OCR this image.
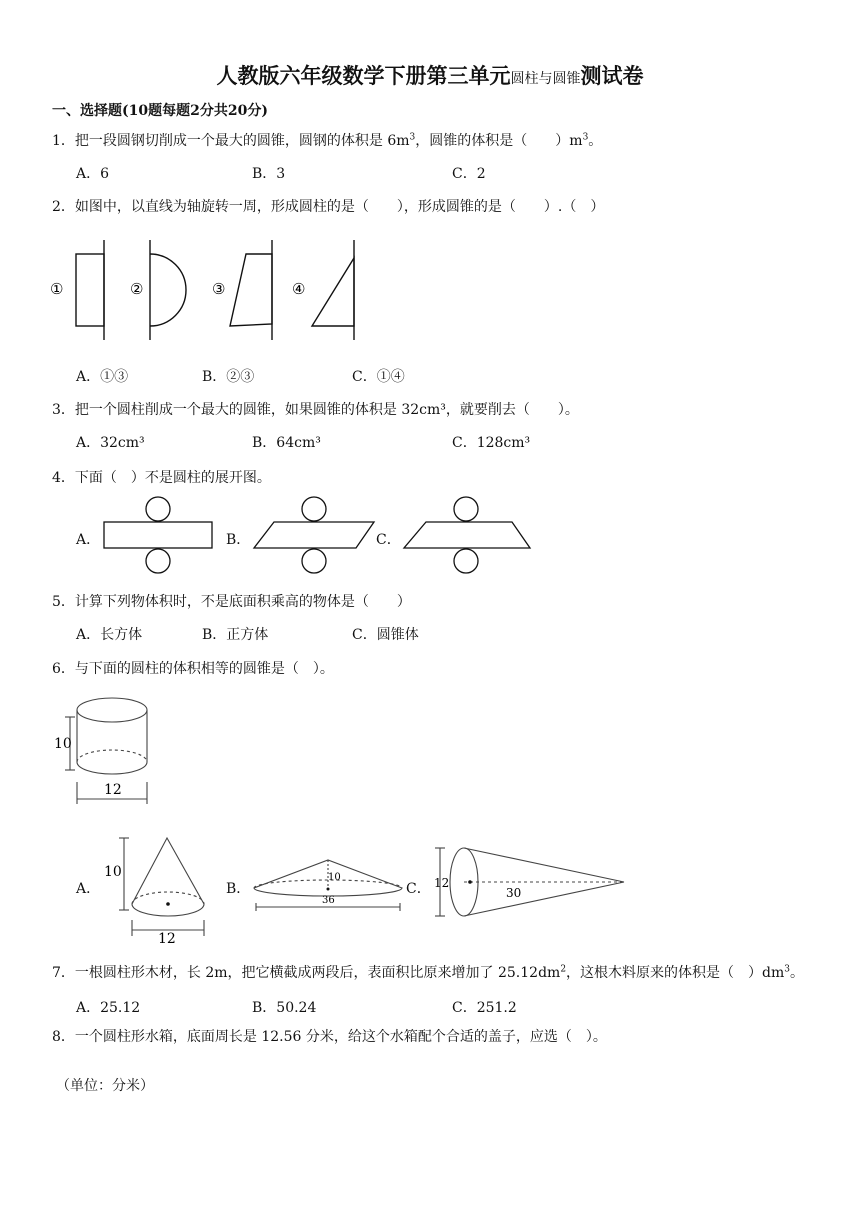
人教版六年级数学下册第三单元圆柱与圆锥测试卷
一、选择题(10题每题2分共20分)
1．把一段圆钢切削成一个最大的圆锥，圆钢的体积是 $6m^3$，圆锥的体积是（　　）$m^3$。
A．6	B．3	C．2
2．如图中，以直线为轴旋转一周，形成圆柱的是（　　），形成圆锥的是（　　）.（　）
①	②	③	④
A．①③	B．②③	C．①④
3．把一个圆柱削成一个最大的圆锥，如果圆锥的体积是 32cm³，就要削去（　　）。
A．32cm³	B．64cm³	C．128cm³
4．下面（　）不是圆柱的展开图。
A．	B．	C．
5．计算下列物体积时，不是底面积乘高的物体是（　　）
A．长方体	B．正方体	C．圆锥体
6．与下面的圆柱的体积相等的圆锥是（　）。
10
12
A．
10
12
B．
10
36
C． 12
30
7．一根圆柱形木材，长 2m，把它横截成两段后，表面积比原来增加了 $25.12dm^2$，这根木料原来的体积是（　）$dm^3$。
A．25.12	B．50.24	C．251.2
8．一个圆柱形水箱，底面周长是 12.56 分米，给这个水箱配个合适的盖子，应选（　）。
（单位：分米）
